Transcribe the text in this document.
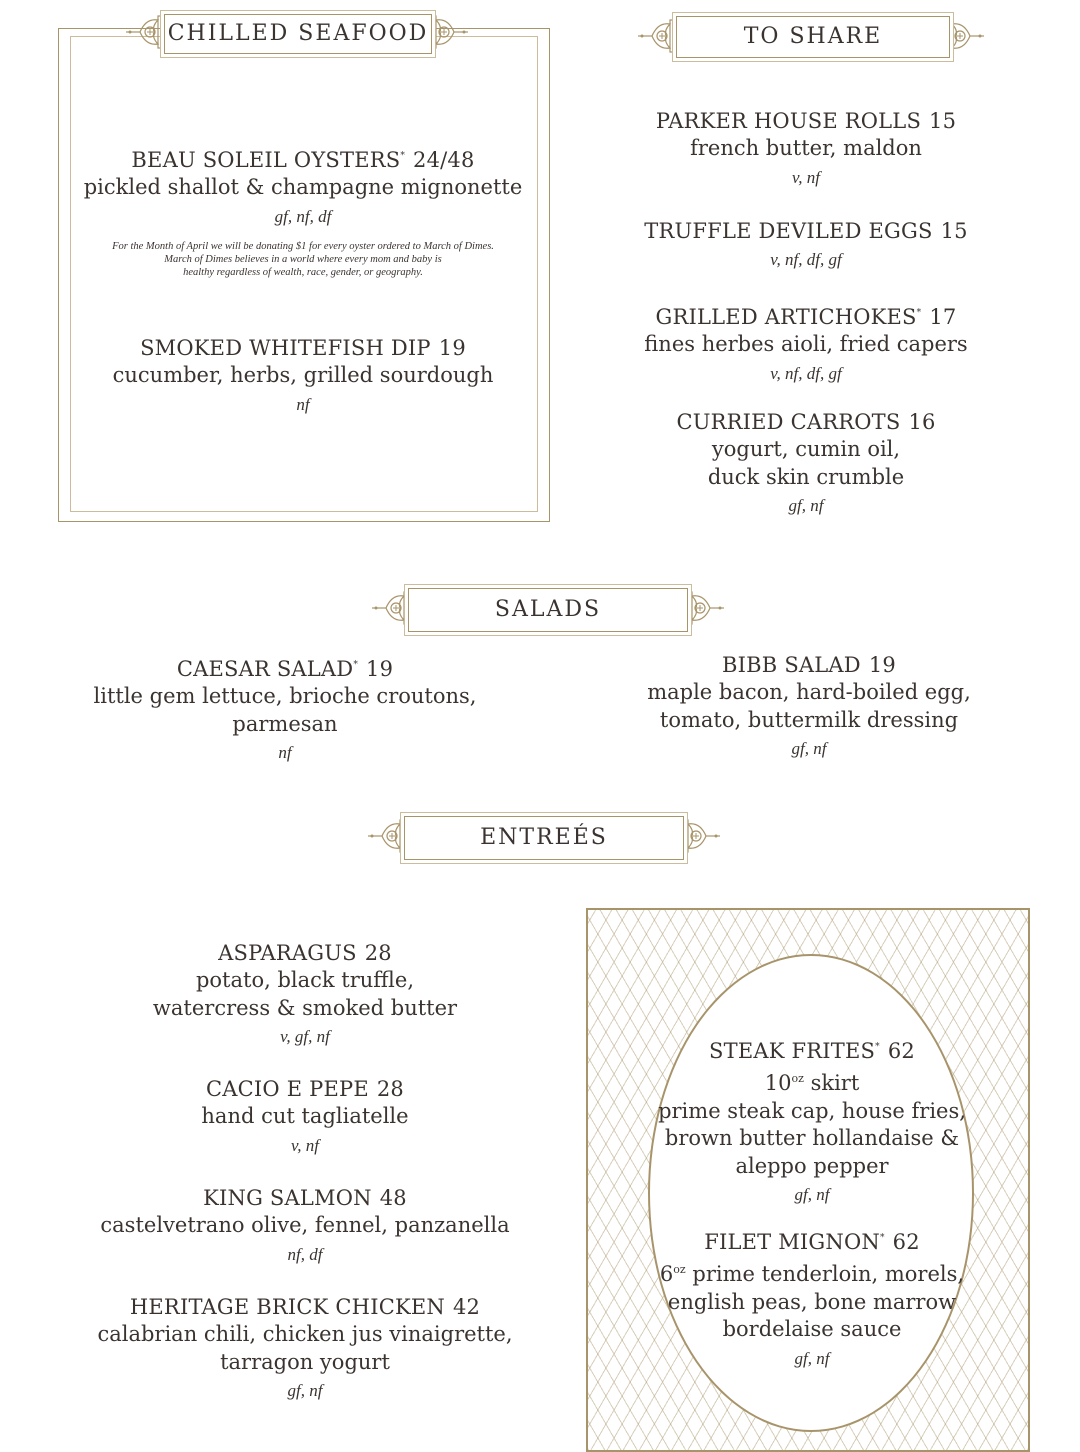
CHILLED SEAFOOD
BEAU SOLEIL OYSTERS* 24/48
pickled shallot & champagne mignonette
gf, nf, df
For the Month of April we will be donating $1 for every oyster ordered to March of Dimes.
March of Dimes believes in a world where every mom and baby is
healthy regardless of wealth, race, gender, or geography.
SMOKED WHITEFISH DIP 19
cucumber, herbs, grilled sourdough
nf
TO SHARE
PARKER HOUSE ROLLS 15
french butter, maldon
v, nf
TRUFFLE DEVILED EGGS 15
v, nf, df, gf
GRILLED ARTICHOKES* 17
fines herbes aioli, fried capers
v, nf, df, gf
CURRIED CARROTS 16
yogurt, cumin oil,
duck skin crumble
gf, nf
SALADS
CAESAR SALAD* 19
little gem lettuce, brioche croutons,
parmesan
nf
BIBB SALAD 19
maple bacon, hard-boiled egg,
tomato, buttermilk dressing
gf, nf
ENTREÉS
ASPARAGUS 28
potato, black truffle,
watercress & smoked butter
v, gf, nf
CACIO E PEPE 28
hand cut tagliatelle
v, nf
KING SALMON 48
castelvetrano olive, fennel, panzanella
nf, df
HERITAGE BRICK CHICKEN 42
calabrian chili, chicken jus vinaigrette,
tarragon yogurt
gf, nf
STEAK FRITES* 62
$10^{oz}$ skirt
prime steak cap, house fries,
brown butter hollandaise &
aleppo pepper
gf, nf
FILET MIGNON* 62
$6^{oz}$ prime tenderloin, morels,
english peas, bone marrow
bordelaise sauce
gf, nf
